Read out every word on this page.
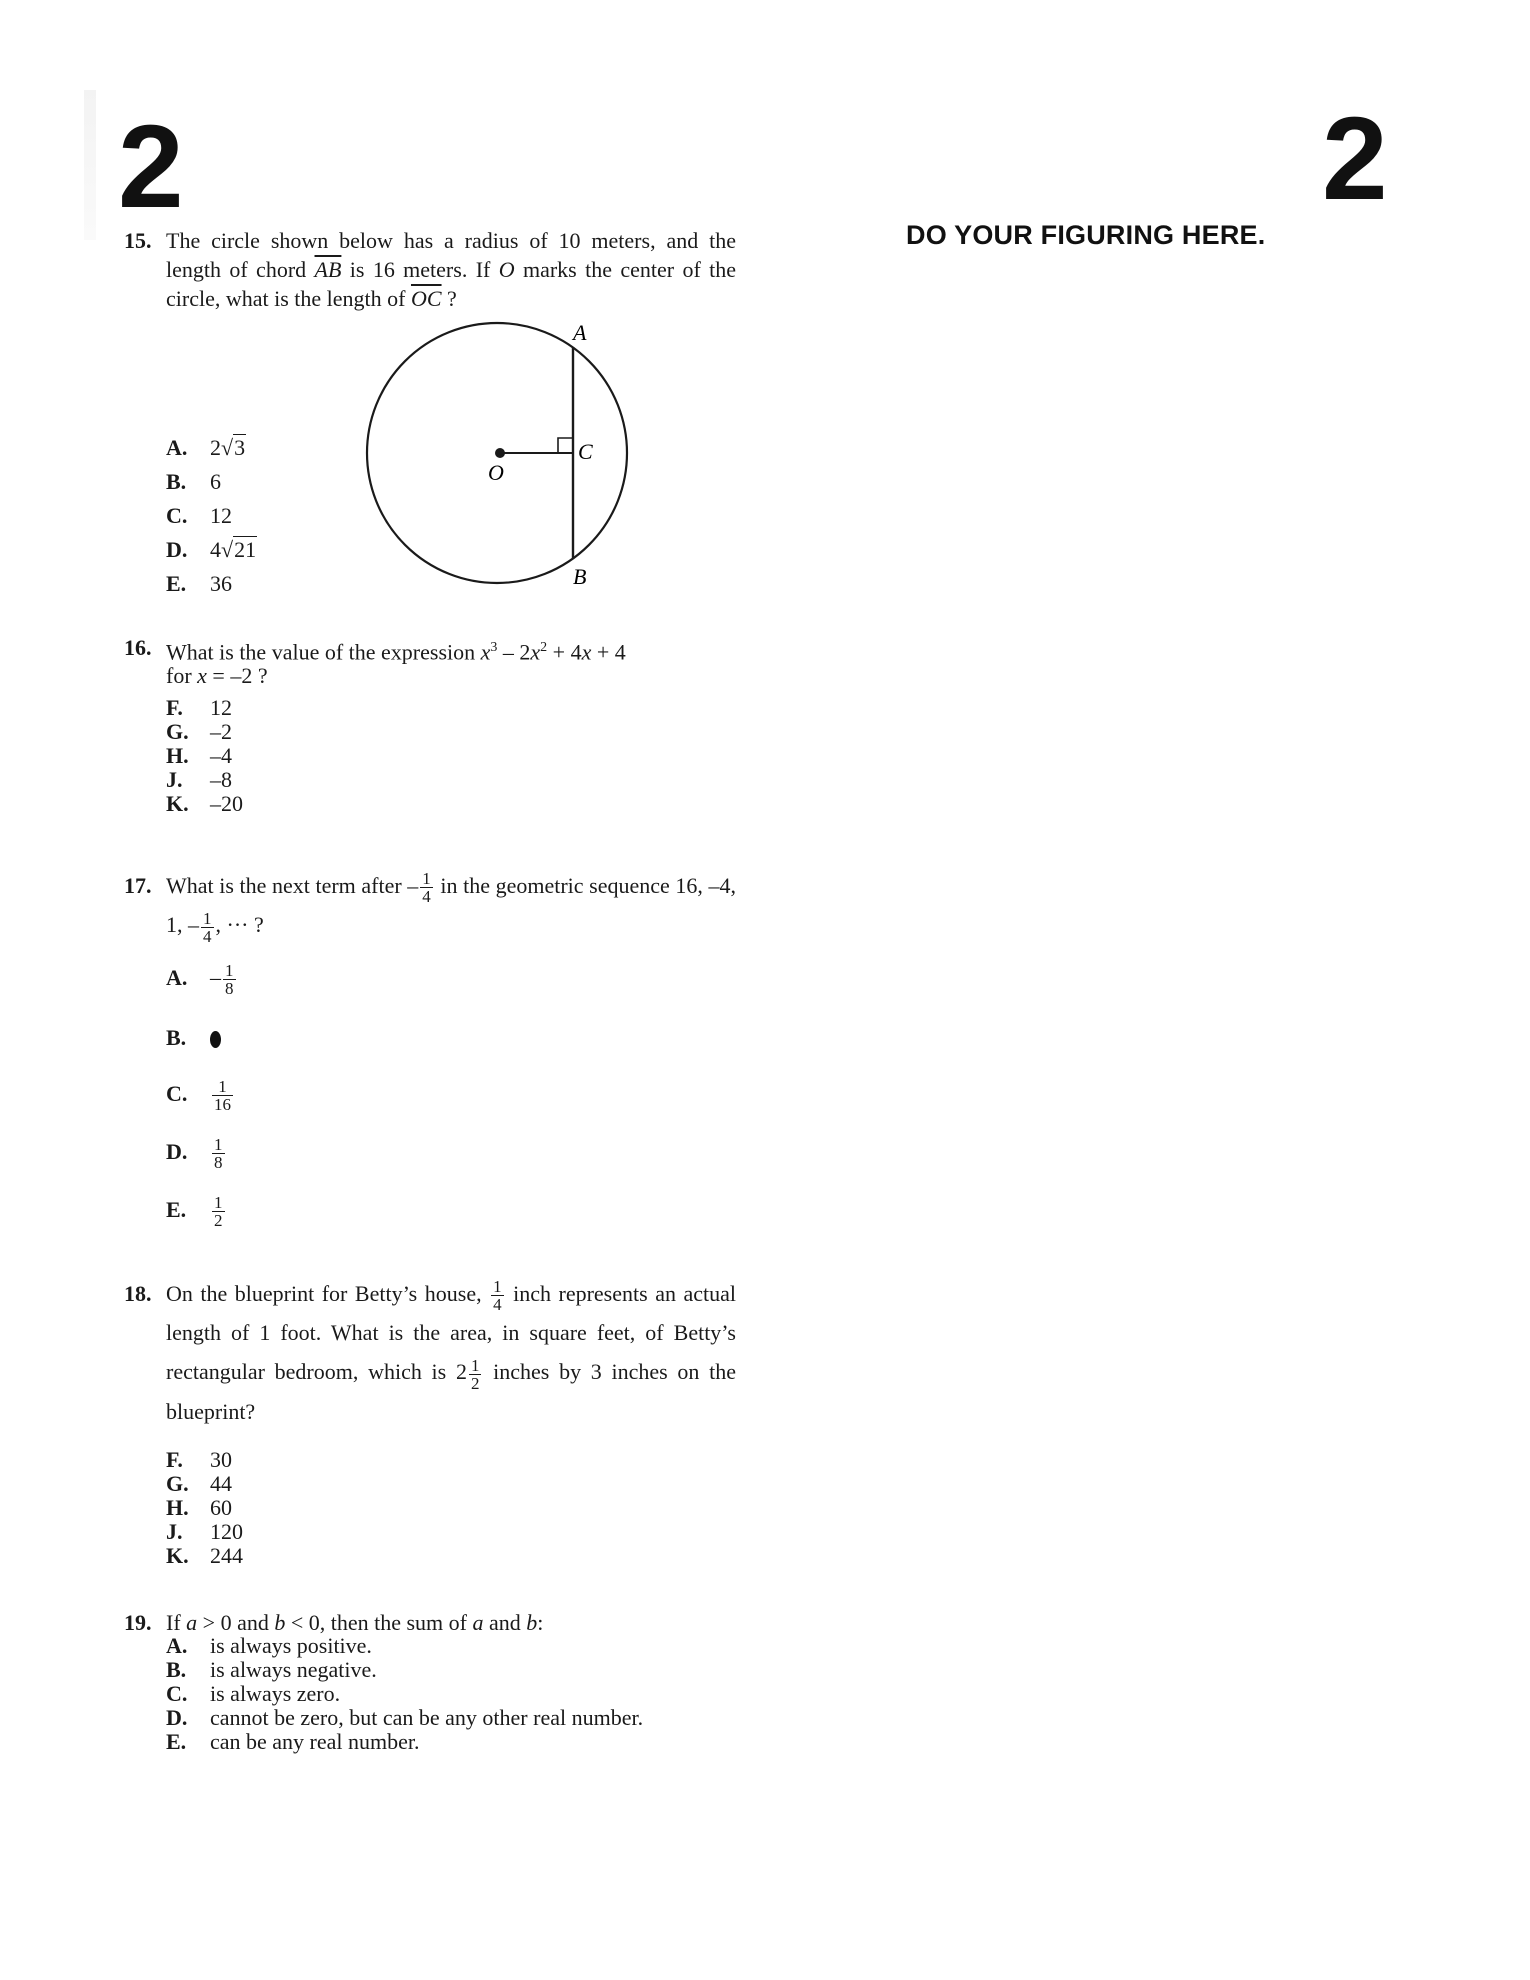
2	2
DO YOUR FIGURING HERE.
15. The circle shown below has a radius of 10 meters, and the length of chord $\overline{AB}$ is 16 meters. If O marks the center of the circle, what is the length of $\overline{OC}$ ?
A
B
C
O
A. 2√3
B. 6
C. 12
D. 4√21
E. 36
16. What is the value of the expression $x^3 - 2x^2 + 4x + 4$
for x = –2 ?
F. 12
G. –2
H. –4
J. –8
K. –20
17. What is the next term after – $\frac{1}{4}$ in the geometric sequence 16, –4, 1, – $\frac{1}{4}$ , ··· ?
A. – $\frac{1}{8}$
B.
C. $\frac{1}{16}$
D. $\frac{1}{8}$
E. $\frac{1}{2}$
18. On the blueprint for Betty’s house, $\frac{1}{4}$ inch represents an actual length of 1 foot. What is the area, in square feet, of Betty’s rectangular bedroom, which is $2 \frac{1}{2}$ inches by 3 inches on the blueprint?
F. 30
G. 44
H. 60
J. 120
K. 244
19. If a > 0 and b < 0, then the sum of a and b:
A. is always positive.
B. is always negative.
C. is always zero.
D. cannot be zero, but can be any other real number.
E. can be any real number.
